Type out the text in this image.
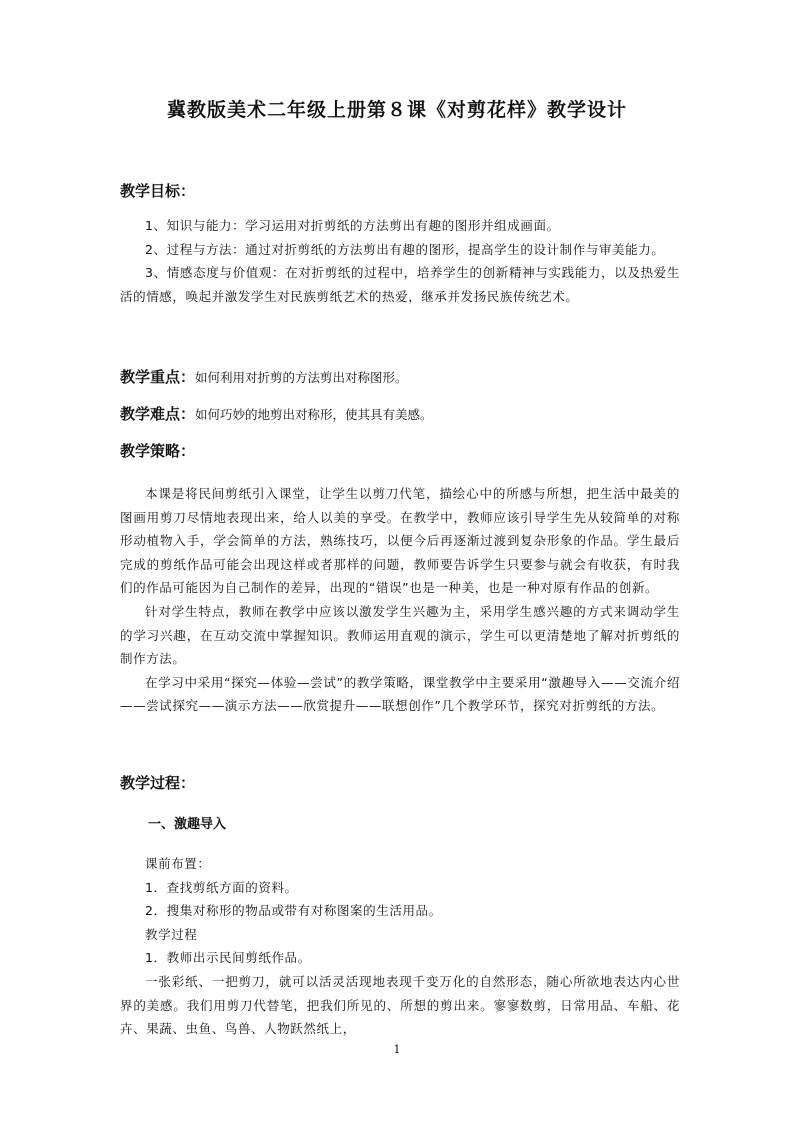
冀教版美术二年级上册第８课《对剪花样》教学设计
教学目标：

1、知识与能力：学习运用对折剪纸的方法剪出有趣的图形并组成画面。

2、过程与方法：通过对折剪纸的方法剪出有趣的图形，提高学生的设计制作与审美能力。

3、情感态度与价值观：在对折剪纸的过程中，培养学生的创新精神与实践能力，以及热爱生活的情感，唤起并激发学生对民族剪纸艺术的热爱，继承并发扬民族传统艺术。

教学重点：如何利用对折剪的方法剪出对称图形。
教学难点：如何巧妙的地剪出对称形，使其具有美感。
教学策略：

本课是将民间剪纸引入课堂，让学生以剪刀代笔，描绘心中的所感与所想，把生活中最美的图画用剪刀尽情地表现出来，给人以美的享受。在教学中，教师应该引导学生先从较简单的对称形动植物入手，学会简单的方法，熟练技巧，以便今后再逐渐过渡到复杂形象的作品。学生最后完成的剪纸作品可能会出现这样或者那样的问题，教师要告诉学生只要参与就会有收获，有时我们的作品可能因为自己制作的差异，出现的“错误”也是一种美，也是一种对原有作品的创新。

针对学生特点，教师在教学中应该以激发学生兴趣为主，采用学生感兴趣的方式来调动学生的学习兴趣，在互动交流中掌握知识。教师运用直观的演示，学生可以更清楚地了解对折剪纸的制作方法。

在学习中采用“探究—体验—尝试”的教学策略，课堂教学中主要采用“激趣导入——交流介绍——尝试探究——演示方法——欣赏提升——联想创作”几个教学环节，探究对折剪纸的方法。

教学过程：
一、激趣导入

课前布置：

1．查找剪纸方面的资料。

2．搜集对称形的物品或带有对称图案的生活用品。

教学过程

1．教师出示民间剪纸作品。

一张彩纸、一把剪刀，就可以活灵活现地表现千变万化的自然形态，随心所欲地表达内心世界的美感。我们用剪刀代替笔，把我们所见的、所想的剪出来。寥寥数剪，日常用品、车船、花卉、果蔬、虫鱼、鸟兽、人物跃然纸上，

1
